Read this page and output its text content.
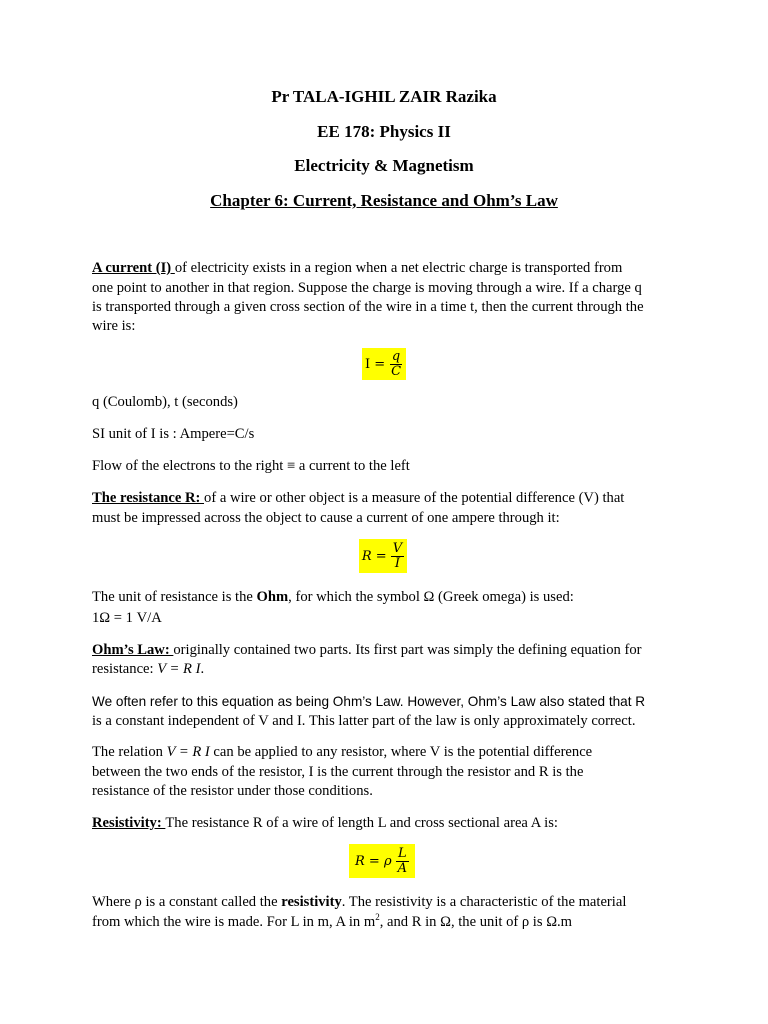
Pr TALA-IGHIL ZAIR Razika
EE 178: Physics II
Electricity & Magnetism
Chapter 6: Current, Resistance and Ohm’s Law
A current (I) of electricity exists in a region when a net electric charge is transported from
one point to another in that region. Suppose the charge is moving through a wire. If a charge q
is transported through a given cross section of the wire in a time t, then the current through the
wire is:
$I = \frac{q}{C}$
q (Coulomb), t (seconds)
SI unit of I is : Ampere=C/s
Flow of the electrons to the right ≡ a current to the left
The resistance R: of a wire or other object is a measure of the potential difference (V) that
must be impressed across the object to cause a current of one ampere through it:
$R = \frac{V}{I}$
The unit of resistance is the Ohm, for which the symbol Ω (Greek omega) is used:
1Ω = 1 V/A
Ohm’s Law: originally contained two parts. Its first part was simply the defining equation for
resistance: V = R I.
We often refer to this equation as being Ohm’s Law. However, Ohm’s Law also stated that R
is a constant independent of V and I. This latter part of the law is only approximately correct.
The relation V = R I can be applied to any resistor, where V is the potential difference
between the two ends of the resistor, I is the current through the resistor and R is the
resistance of the resistor under those conditions.
Resistivity: The resistance R of a wire of length L and cross sectional area A is:
R = ρ $\frac{L}{A}$
Where ρ is a constant called the resistivity. The resistivity is a characteristic of the material
from which the wire is made. For L in m, A in $m^2$, and R in Ω, the unit of ρ is Ω.m
